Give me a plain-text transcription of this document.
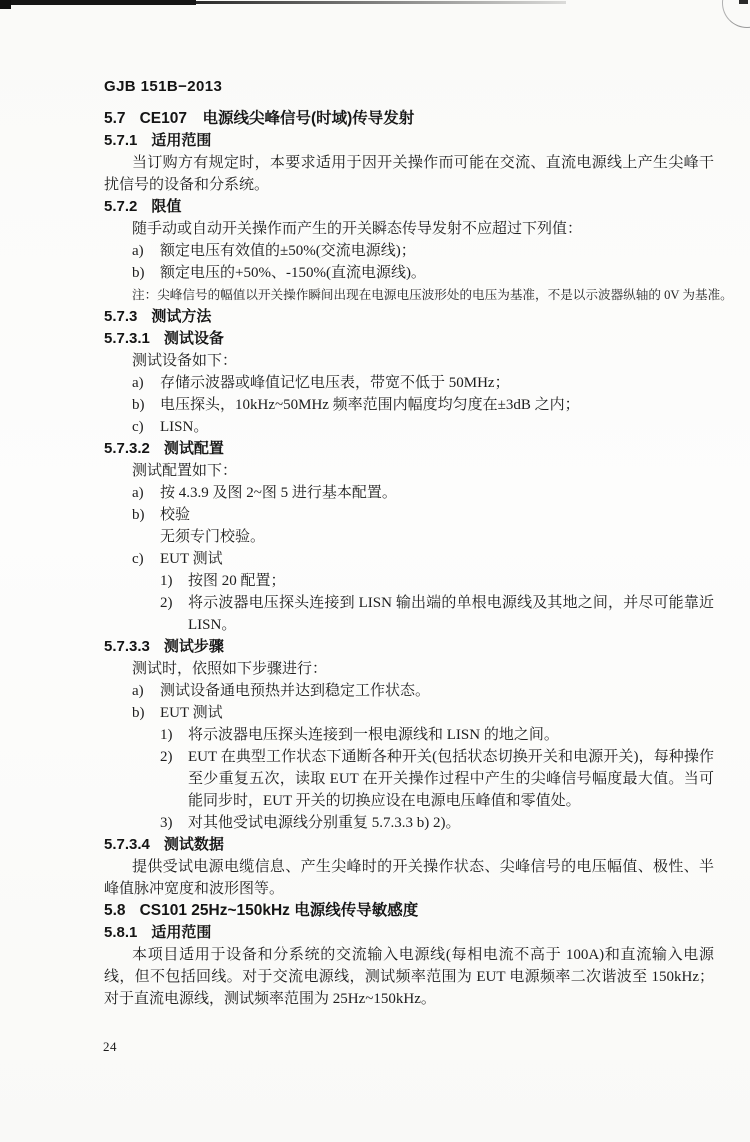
GJB 151B−2013
5.7 CE107　电源线尖峰信号(时域)传导发射
5.7.1 适用范围
当订购方有规定时，本要求适用于因开关操作而可能在交流、直流电源线上产生尖峰干扰信号的设备和分系统。
5.7.2 限值
随手动或自动开关操作而产生的开关瞬态传导发射不应超过下列值：
a)	额定电压有效值的±50%(交流电源线)；
b)	额定电压的+50%、-150%(直流电源线)。
注：尖峰信号的幅值以开关操作瞬间出现在电源电压波形处的电压为基准，不是以示波器纵轴的 0V 为基准。
5.7.3 测试方法
5.7.3.1 测试设备
测试设备如下：
a)	存储示波器或峰值记忆电压表，带宽不低于 50MHz；
b)	电压探头，10kHz~50MHz 频率范围内幅度均匀度在±3dB 之内；
c)	LISN。
5.7.3.2 测试配置
测试配置如下：
a)	按 4.3.9 及图 2~图 5 进行基本配置。
b)	校验
无须专门校验。
c)	EUT 测试
1)	按图 20 配置；
2)	将示波器电压探头连接到 LISN 输出端的单根电源线及其地之间，并尽可能靠近 LISN。
5.7.3.3 测试步骤
测试时，依照如下步骤进行：
a)	测试设备通电预热并达到稳定工作状态。
b)	EUT 测试
1)	将示波器电压探头连接到一根电源线和 LISN 的地之间。
2)	EUT 在典型工作状态下通断各种开关(包括状态切换开关和电源开关)，每种操作至少重复五次，读取 EUT 在开关操作过程中产生的尖峰信号幅度最大值。当可能同步时，EUT 开关的切换应设在电源电压峰值和零值处。
3)	对其他受试电源线分别重复 5.7.3.3 b) 2)。
5.7.3.4 测试数据
提供受试电源电缆信息、产生尖峰时的开关操作状态、尖峰信号的电压幅值、极性、半峰值脉冲宽度和波形图等。
5.8 CS101 25Hz~150kHz 电源线传导敏感度
5.8.1 适用范围
本项目适用于设备和分系统的交流输入电源线(每相电流不高于 100A)和直流输入电源线，但不包括回线。对于交流电源线，测试频率范围为 EUT 电源频率二次谐波至 150kHz；对于直流电源线，测试频率范围为 25Hz~150kHz。
24
